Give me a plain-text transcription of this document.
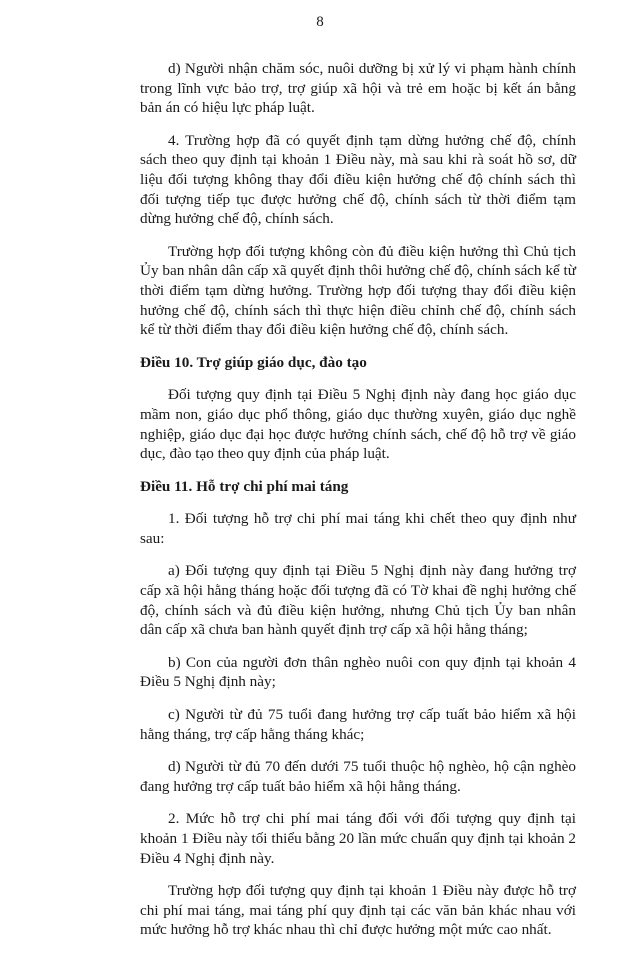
8

d) Người nhận chăm sóc, nuôi dưỡng bị xử lý vi phạm hành chính trong lĩnh vực bảo trợ, trợ giúp xã hội và trẻ em hoặc bị kết án bằng bản án có hiệu lực pháp luật.

4. Trường hợp đã có quyết định tạm dừng hưởng chế độ, chính sách theo quy định tại khoản 1 Điều này, mà sau khi rà soát hồ sơ, dữ liệu đối tượng không thay đổi điều kiện hưởng chế độ chính sách thì đối tượng tiếp tục được hưởng chế độ, chính sách từ thời điểm tạm dừng hưởng chế độ, chính sách.

Trường hợp đối tượng không còn đủ điều kiện hưởng thì Chủ tịch Ủy ban nhân dân cấp xã quyết định thôi hưởng chế độ, chính sách kể từ thời điểm tạm dừng hưởng. Trường hợp đối tượng thay đổi điều kiện hưởng chế độ, chính sách thì thực hiện điều chỉnh chế độ, chính sách kể từ thời điểm thay đổi điều kiện hưởng chế độ, chính sách.

Điều 10. Trợ giúp giáo dục, đào tạo

Đối tượng quy định tại Điều 5 Nghị định này đang học giáo dục mầm non, giáo dục phổ thông, giáo dục thường xuyên, giáo dục nghề nghiệp, giáo dục đại học được hưởng chính sách, chế độ hỗ trợ về giáo dục, đào tạo theo quy định của pháp luật.

Điều 11. Hỗ trợ chi phí mai táng

1. Đối tượng hỗ trợ chi phí mai táng khi chết theo quy định như sau:

a) Đối tượng quy định tại Điều 5 Nghị định này đang hưởng trợ cấp xã hội hằng tháng hoặc đối tượng đã có Tờ khai đề nghị hưởng chế độ, chính sách và đủ điều kiện hưởng, nhưng Chủ tịch Ủy ban nhân dân cấp xã chưa ban hành quyết định trợ cấp xã hội hằng tháng;

b) Con của người đơn thân nghèo nuôi con quy định tại khoản 4 Điều 5 Nghị định này;

c) Người từ đủ 75 tuổi đang hưởng trợ cấp tuất bảo hiểm xã hội hằng tháng, trợ cấp hằng tháng khác;

d) Người từ đủ 70 đến dưới 75 tuổi thuộc hộ nghèo, hộ cận nghèo đang hưởng trợ cấp tuất bảo hiểm xã hội hằng tháng.

2. Mức hỗ trợ chi phí mai táng đối với đối tượng quy định tại khoản 1 Điều này tối thiểu bằng 20 lần mức chuẩn quy định tại khoản 2 Điều 4 Nghị định này.

Trường hợp đối tượng quy định tại khoản 1 Điều này được hỗ trợ chi phí mai táng, mai táng phí quy định tại các văn bản khác nhau với mức hưởng hỗ trợ khác nhau thì chỉ được hưởng một mức cao nhất.
